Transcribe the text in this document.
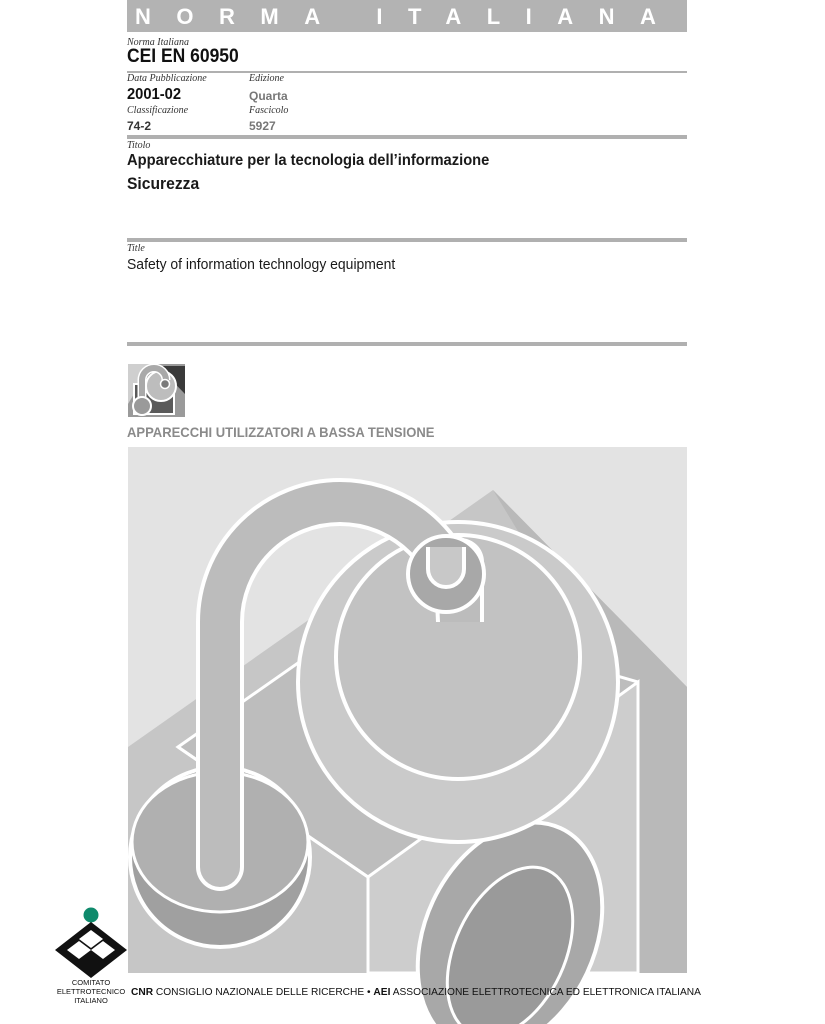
NORMA ITALIANA CEI
Norma Italiana
CEI EN 60950
Data Pubblicazione	Edizione
2001-02	Quarta
Classificazione	Fascicolo
74-2	5927
Titolo
Apparecchiature per la tecnologia dell’informazione
Sicurezza
Title
Safety of information technology equipment
APPARECCHI UTILIZZATORI A BASSA TENSIONE
COMITATO
ELETTROTECNICO
ITALIANO
CNR CONSIGLIO NAZIONALE DELLE RICERCHE • AEI ASSOCIAZIONE ELETTROTECNICA ED ELETTRONICA ITALIANA
